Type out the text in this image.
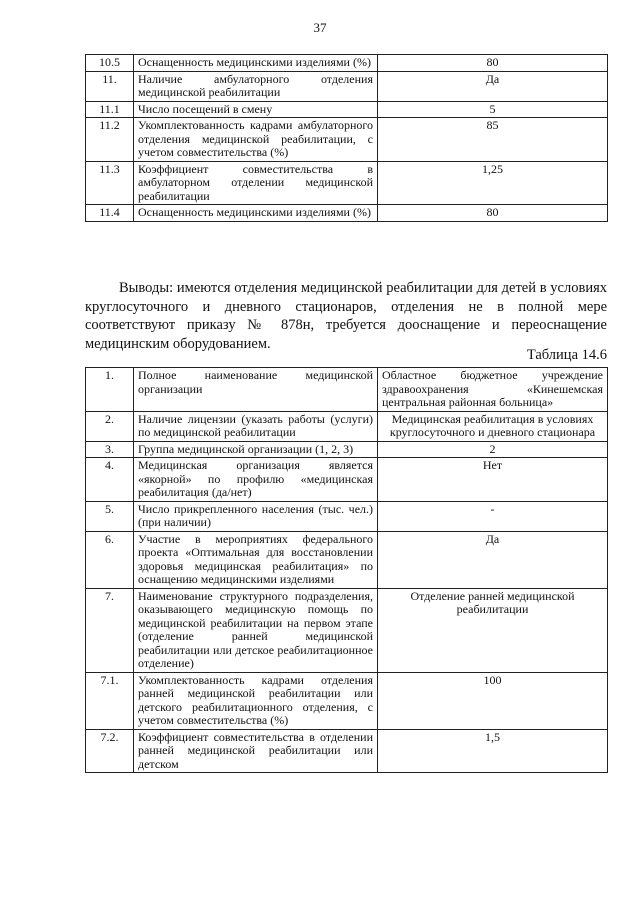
37
10.5	Оснащенность медицинскими изделиями (%)	80
11.	Наличие амбулаторного отделения медицинской реабилитации	Да
11.1	Число посещений в смену	5
11.2	Укомплектованность кадрами амбулаторного отделения медицинской реабилитации, с учетом совместительства (%)	85
11.3	Коэффициент совместительства в амбулаторном отделении медицинской реабилитации	1,25
11.4	Оснащенность медицинскими изделиями (%)	80

Выводы: имеются отделения медицинской реабилитации для детей в условиях круглосуточного и дневного стационаров, отделения не в полной мере соответствуют приказу № 878н, требуется дооснащение и переоснащение медицинским оборудованием.

Таблица 14.6
1.	Полное наименование медицинской организации	Областное бюджетное учреждение здравоохранения «Кинешемская центральная районная больница»
2.	Наличие лицензии (указать работы (услуги) по медицинской реабилитации	Медицинская реабилитация в условиях круглосуточного и дневного стационара
3.	Группа медицинской организации (1, 2, 3)	2
4.	Медицинская организация является «якорной» по профилю «медицинская реабилитация (да/нет)	Нет
5.	Число прикрепленного населения (тыс. чел.) (при наличии)	-
6.	Участие в мероприятиях федерального проекта «Оптимальная для восстановлении здоровья медицинская реабилитация» по оснащению медицинскими изделиями	Да
7.	Наименование структурного подразделения, оказывающего медицинскую помощь по медицинской реабилитации на первом этапе (отделение ранней медицинской реабилитации или детское реабилитационное отделение)	Отделение ранней медицинской реабилитации
7.1.	Укомплектованность кадрами отделения ранней медицинской реабилитации или детского реабилитационного отделения, с учетом совместительства (%)	100
7.2.	Коэффициент совместительства в отделении ранней медицинской реабилитации или детском	1,5
